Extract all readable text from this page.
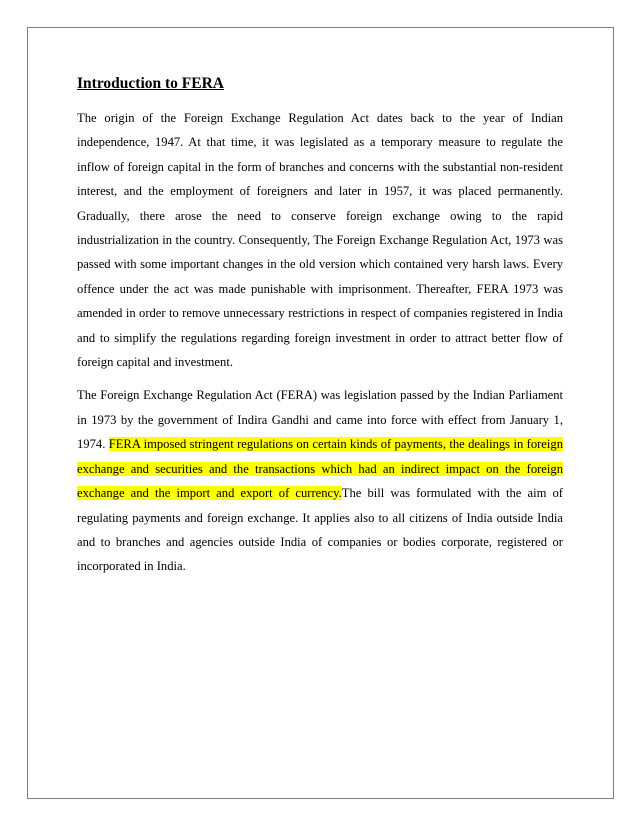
Introduction to FERA

The origin of the Foreign Exchange Regulation Act dates back to the year of Indian independence, 1947. At that time, it was legislated as a temporary measure to regulate the inflow of foreign capital in the form of branches and concerns with the substantial non-resident interest, and the employment of foreigners and later in 1957, it was placed permanently. Gradually, there arose the need to conserve foreign exchange owing to the rapid industrialization in the country. Consequently, The Foreign Exchange Regulation Act, 1973 was passed with some important changes in the old version which contained very harsh laws. Every offence under the act was made punishable with imprisonment. Thereafter, FERA 1973 was amended in order to remove unnecessary restrictions in respect of companies registered in India and to simplify the regulations regarding foreign investment in order to attract better flow of foreign capital and investment.

The Foreign Exchange Regulation Act (FERA) was legislation passed by the Indian Parliament in 1973 by the government of Indira Gandhi and came into force with effect from January 1, 1974. FERA imposed stringent regulations on certain kinds of payments, the dealings in foreign exchange and securities and the transactions which had an indirect impact on the foreign exchange and the import and export of currency.The bill was formulated with the aim of regulating payments and foreign exchange. It applies also to all citizens of India outside India and to branches and agencies outside India of companies or bodies corporate, registered or incorporated in India.
